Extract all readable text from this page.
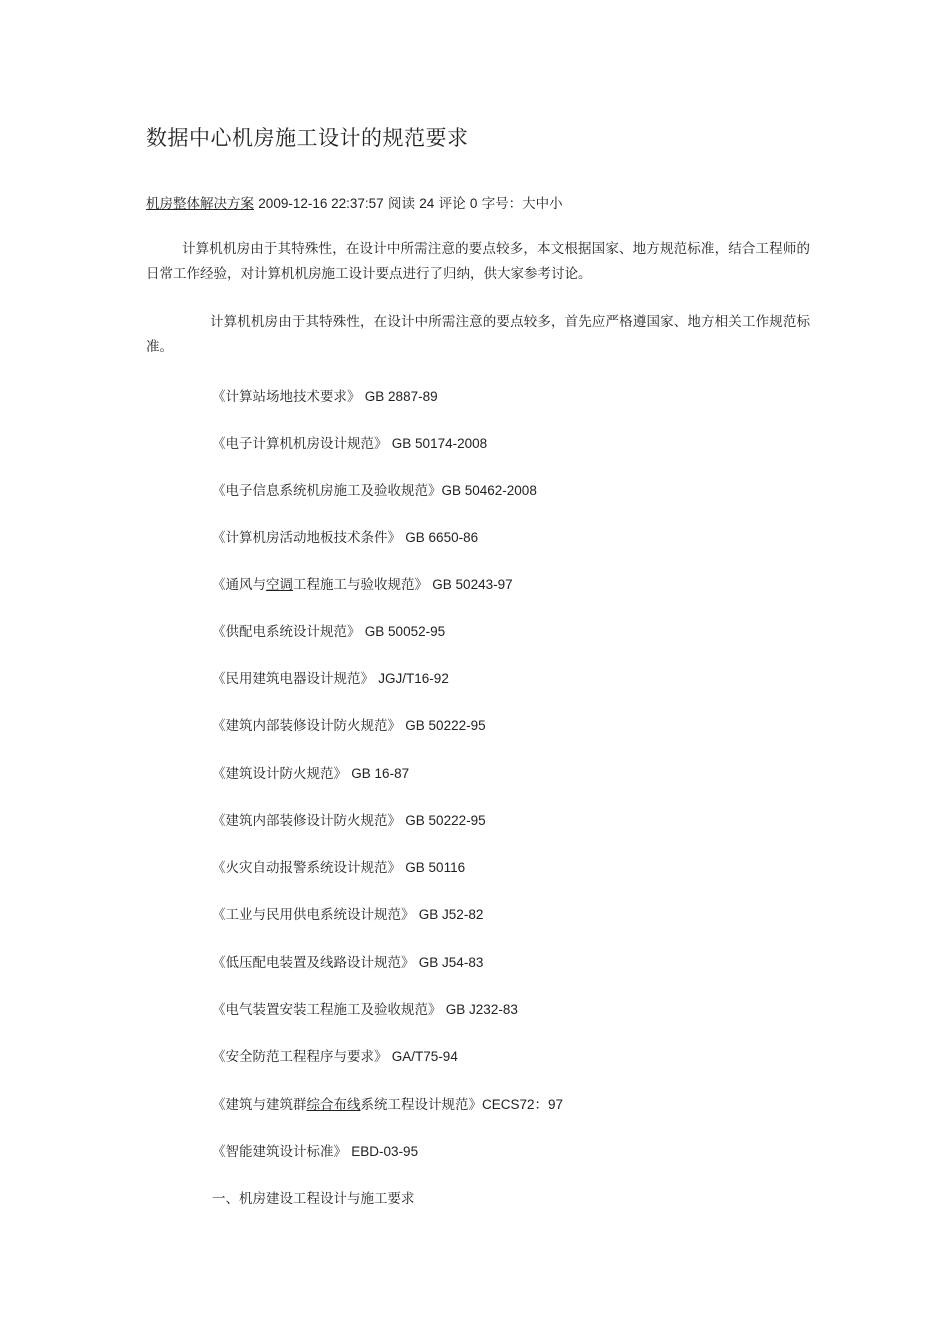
数据中心机房施工设计的规范要求
机房整体解决方案 2009-12-16 22:37:57 阅读 24 评论 0 字号：大中小
计算机机房由于其特殊性，在设计中所需注意的要点较多，本文根据国家、地方规范标准，结合工程师的日常工作经验，对计算机机房施工设计要点进行了归纳，供大家参考讨论。
计算机机房由于其特殊性，在设计中所需注意的要点较多，首先应严格遵国家、地方相关工作规范标准。
《计算站场地技术要求》 GB 2887-89
《电子计算机机房设计规范》 GB 50174-2008
《电子信息系统机房施工及验收规范》GB 50462-2008
《计算机房活动地板技术条件》 GB 6650-86
《通风与空调工程施工与验收规范》 GB 50243-97
《供配电系统设计规范》 GB 50052-95
《民用建筑电器设计规范》 JGJ/T16-92
《建筑内部装修设计防火规范》 GB 50222-95
《建筑设计防火规范》 GB 16-87
《建筑内部装修设计防火规范》 GB 50222-95
《火灾自动报警系统设计规范》 GB 50116
《工业与民用供电系统设计规范》 GB J52-82
《低压配电装置及线路设计规范》 GB J54-83
《电气装置安装工程施工及验收规范》 GB J232-83
《安全防范工程程序与要求》 GA/T75-94
《建筑与建筑群综合布线系统工程设计规范》CECS72：97
《智能建筑设计标准》 EBD-03-95
一、机房建设工程设计与施工要求
